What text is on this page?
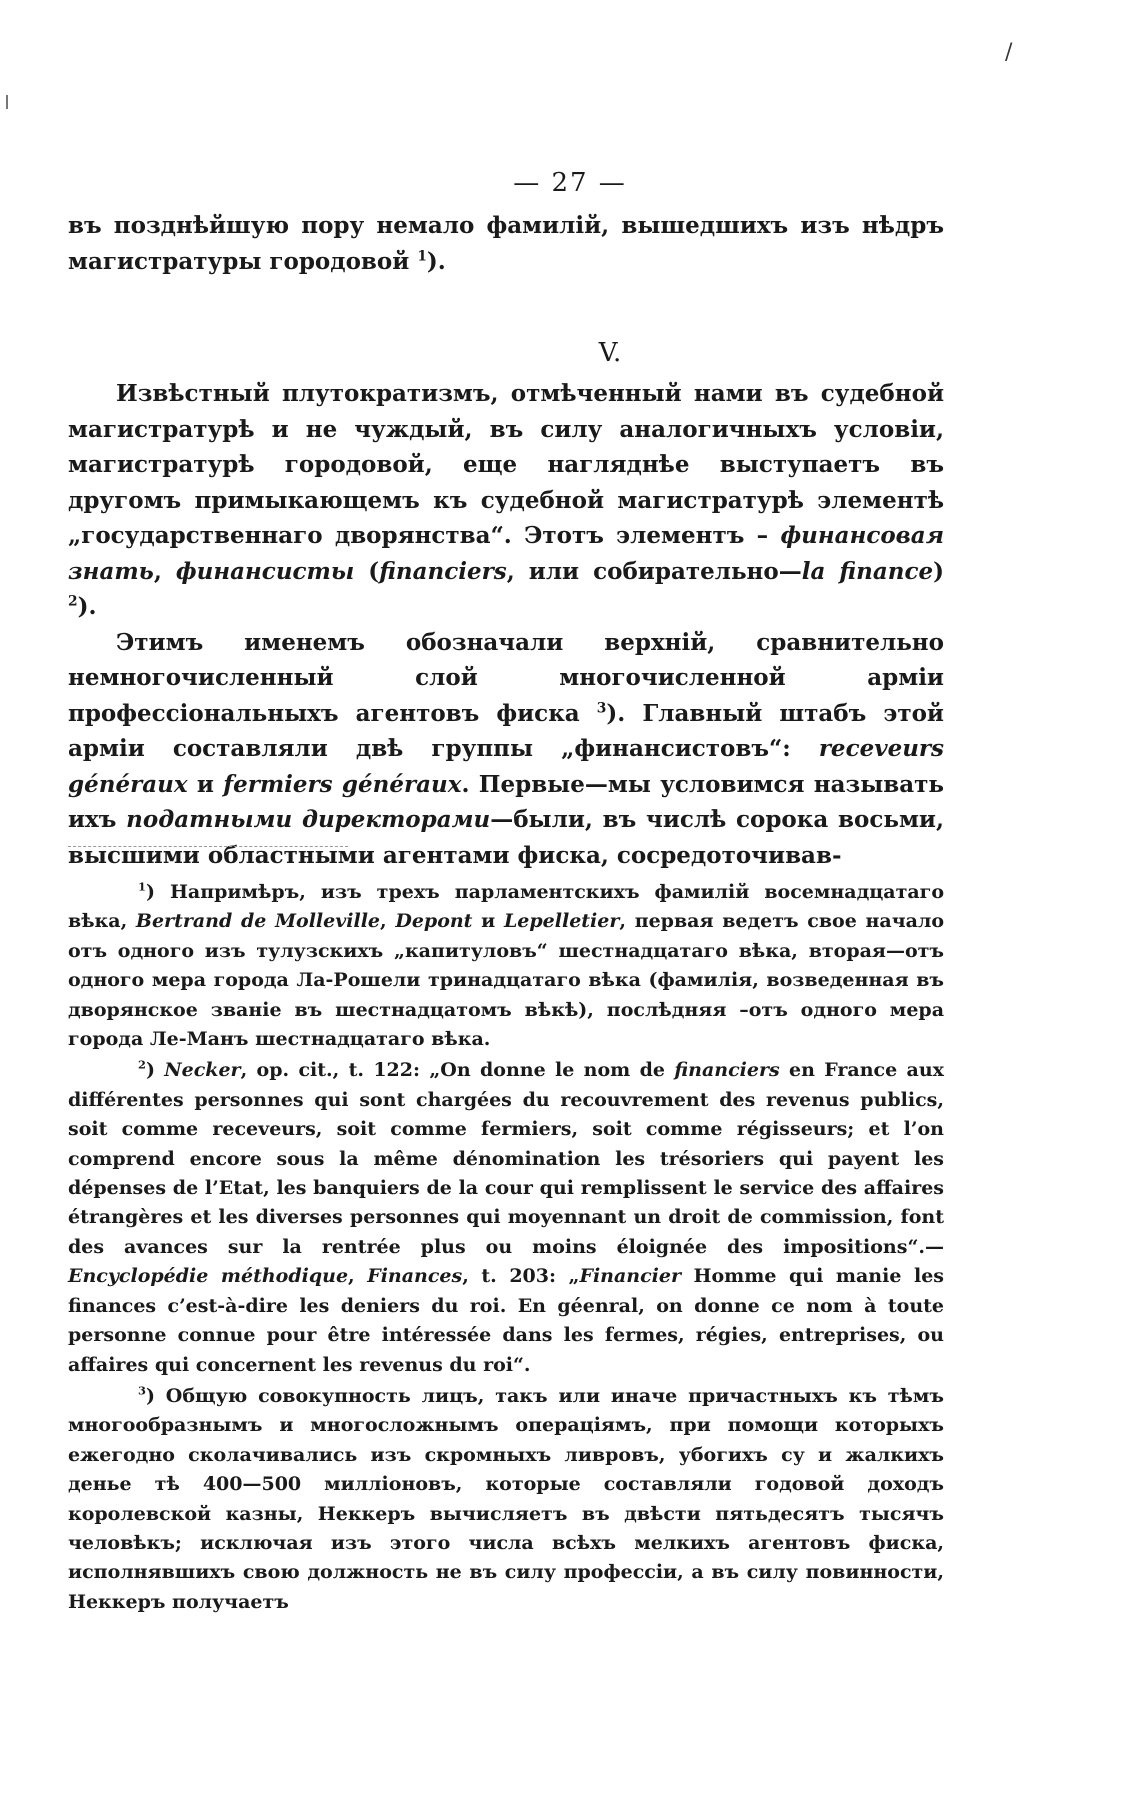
/
— 27 —

въ позднѣйшую пору немало фамилій, вышедшихъ изъ нѣдръ магистратуры городовой $^1$).

V.

Извѣстный плутократизмъ, отмѣченный нами въ судебной магистратурѣ и не чуждый, въ силу аналогичныхъ условіи, магистратурѣ городовой, еще нагляднѣе выступаетъ въ другомъ примыкающемъ къ судебной магистратурѣ элементѣ „государственнаго дворянства“. Этотъ элементъ – финансовая знать, финансисты (financiers, или собирательно—la finance) $^2$).

Этимъ именемъ обозначали верхній, сравнительно немногочисленный слой многочисленной арміи профессіональныхъ агентовъ фиска $^3$). Главный штабъ этой арміи составляли двѣ группы „финансистовъ“: receveurs généraux и fermiers généraux. Первые—мы условимся называть ихъ податными директорами—были, въ числѣ сорока восьми, высшими областными агентами фиска, сосредоточивав-

$^1$) Напримѣръ, изъ трехъ парламентскихъ фамилій восемнадцатаго вѣка, Bertrand de Molleville, Depont и Lepelletier, первая ведетъ свое начало отъ одного изъ тулузскихъ „капитуловъ“ шестнадцатаго вѣка, вторая—отъ одного мера города Ла-Рошели тринадцатаго вѣка (фамилія, возведенная въ дворянское званіе въ шестнадцатомъ вѣкѣ), послѣдняя –отъ одного мера города Ле-Манъ шестнадцатаго вѣка.

$^2$) Necker, op. cit., t. 122: „On donne le nom de financiers en France aux différentes personnes qui sont chargées du recouvrement des revenus publics, soit comme receveurs, soit comme fermiers, soit comme régisseurs; et l’on comprend encore sous la même dénomination les trésoriers qui payent les dépenses de l’Etat, les banquiers de la cour qui remplissent le service des affaires étrangères et les diverses personnes qui moyennant un droit de commission, font des avances sur la rentrée plus ou moins éloignée des impositions“.— Encyclopédie méthodique, Finances, t. 203: „Financier Homme qui manie les finances c’est-à-dire les deniers du roi. En géenral, on donne ce nom à toute personne connue pour être intéressée dans les fermes, régies, entreprises, ou affaires qui concernent les revenus du roi“.

$^3$) Общую совокупность лицъ, такъ или иначе причастныхъ къ тѣмъ многообразнымъ и многосложнымъ операціямъ, при помощи которыхъ ежегодно сколачивались изъ скромныхъ ливровъ, убогихъ су и жалкихъ денье тѣ 400—500 милліоновъ, которые составляли годовой доходъ королевской казны, Неккеръ вычисляетъ въ двѣсти пятьдесятъ тысячъ человѣкъ; исключая изъ этого числа всѣхъ мелкихъ агентовъ фиска, исполнявшихъ свою должность не въ силу профессіи, а въ силу повинности, Неккеръ получаетъ
